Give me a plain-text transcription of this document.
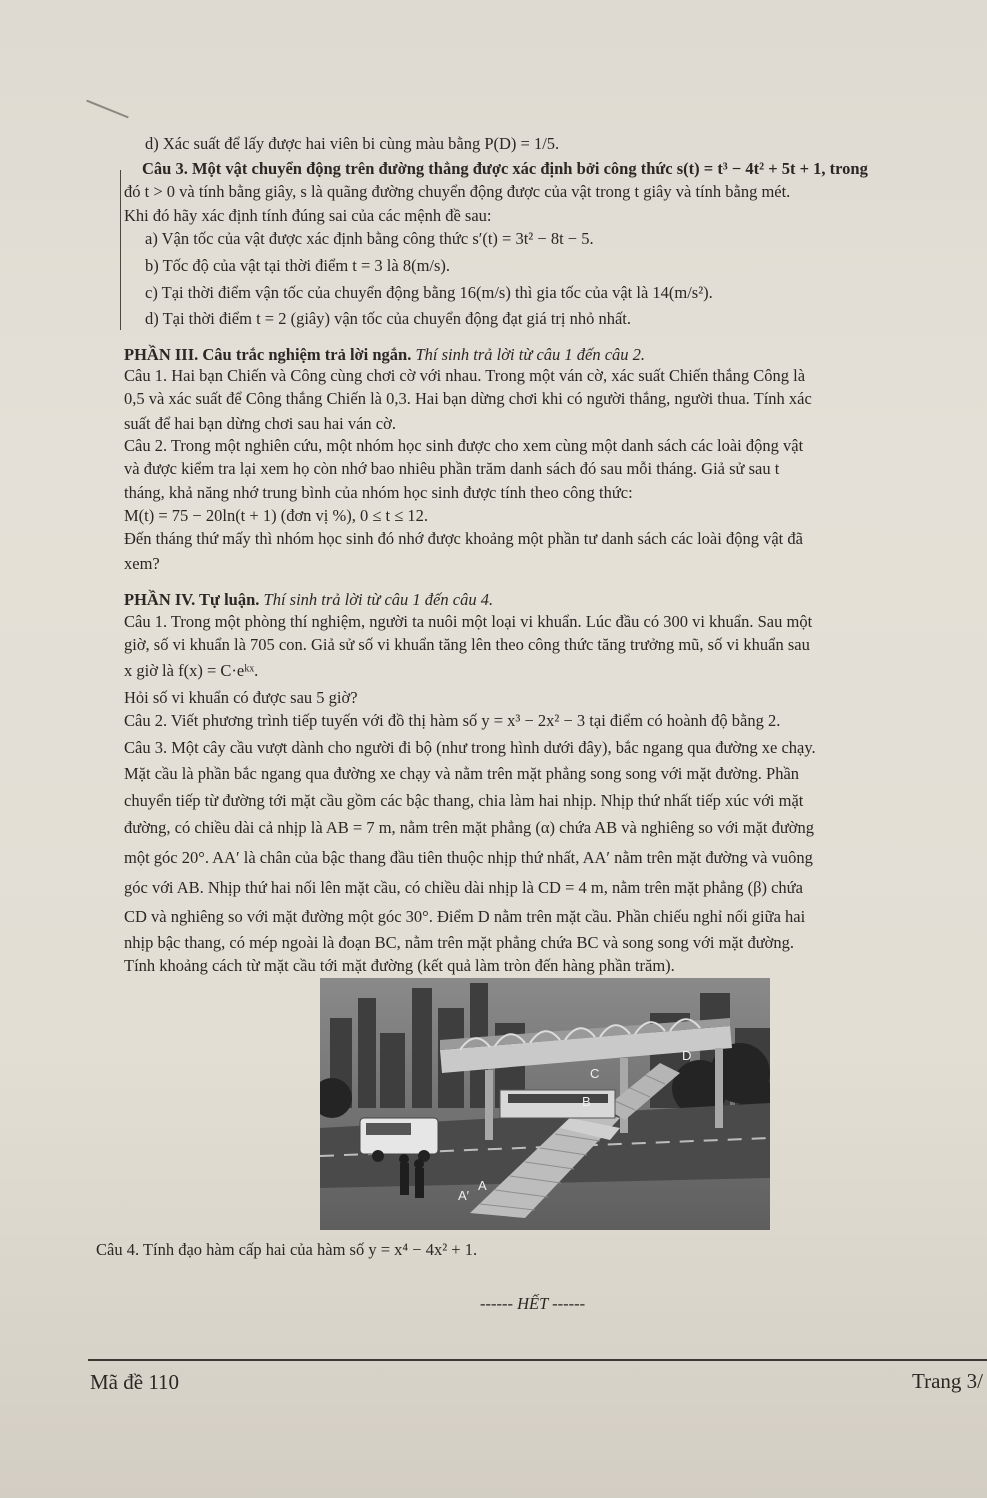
d) Xác suất để lấy được hai viên bi cùng màu bằng P(D) = 1/5.
Câu 3. Một vật chuyển động trên đường thẳng được xác định bởi công thức s(t) = t³ − 4t² + 5t + 1, trong
đó t > 0 và tính bằng giây, s là quãng đường chuyển động được của vật trong t giây và tính bằng mét.
Khi đó hãy xác định tính đúng sai của các mệnh đề sau:
a) Vận tốc của vật được xác định bằng công thức s′(t) = 3t² − 8t − 5.
b) Tốc độ của vật tại thời điểm t = 3 là 8(m/s).
c) Tại thời điểm vận tốc của chuyển động bằng 16(m/s) thì gia tốc của vật là 14(m/s²).
d) Tại thời điểm t = 2 (giây) vận tốc của chuyển động đạt giá trị nhỏ nhất.
PHẦN III. Câu trắc nghiệm trả lời ngắn. Thí sinh trả lời từ câu 1 đến câu 2.
Câu 1. Hai bạn Chiến và Công cùng chơi cờ với nhau. Trong một ván cờ, xác suất Chiến thắng Công là
0,5 và xác suất để Công thắng Chiến là 0,3. Hai bạn dừng chơi khi có người thắng, người thua. Tính xác
suất để hai bạn dừng chơi sau hai ván cờ.
Câu 2. Trong một nghiên cứu, một nhóm học sinh được cho xem cùng một danh sách các loài động vật
và được kiểm tra lại xem họ còn nhớ bao nhiêu phần trăm danh sách đó sau mỗi tháng. Giả sử sau t
tháng, khả năng nhớ trung bình của nhóm học sinh được tính theo công thức:
M(t) = 75 − 20ln(t + 1) (đơn vị %), 0 ≤ t ≤ 12.
Đến tháng thứ mấy thì nhóm học sinh đó nhớ được khoảng một phần tư danh sách các loài động vật đã
xem?
PHẦN IV. Tự luận. Thí sinh trả lời từ câu 1 đến câu 4.
Câu 1. Trong một phòng thí nghiệm, người ta nuôi một loại vi khuẩn. Lúc đầu có 300 vi khuẩn. Sau một
giờ, số vi khuẩn là 705 con. Giả sử số vi khuẩn tăng lên theo công thức tăng trưởng mũ, số vi khuẩn sau
x giờ là f(x) = C·eᵏˣ.
Hỏi số vi khuẩn có được sau 5 giờ?
Câu 2. Viết phương trình tiếp tuyến với đồ thị hàm số y = x³ − 2x² − 3 tại điểm có hoành độ bằng 2.
Câu 3. Một cây cầu vượt dành cho người đi bộ (như trong hình dưới đây), bắc ngang qua đường xe chạy.
Mặt cầu là phần bắc ngang qua đường xe chạy và nằm trên mặt phẳng song song với mặt đường. Phần
chuyển tiếp từ đường tới mặt cầu gồm các bậc thang, chia làm hai nhịp. Nhịp thứ nhất tiếp xúc với mặt
đường, có chiều dài cả nhịp là AB = 7 m, nằm trên mặt phẳng (α) chứa AB và nghiêng so với mặt đường
một góc 20°. AA′ là chân của bậc thang đầu tiên thuộc nhịp thứ nhất, AA′ nằm trên mặt đường và vuông
góc với AB. Nhịp thứ hai nối lên mặt cầu, có chiều dài nhịp là CD = 4 m, nằm trên mặt phẳng (β) chứa
CD và nghiêng so với mặt đường một góc 30°. Điểm D nằm trên mặt cầu. Phần chiếu nghỉ nối giữa hai
nhịp bậc thang, có mép ngoài là đoạn BC, nằm trên mặt phẳng chứa BC và song song với mặt đường.
Tính khoảng cách từ mặt cầu tới mặt đường (kết quả làm tròn đến hàng phần trăm).
D
C
B
A
A′
Câu 4. Tính đạo hàm cấp hai của hàm số y = x⁴ − 4x² + 1.
------ HẾT ------
Mã đề 110	Trang 3/
